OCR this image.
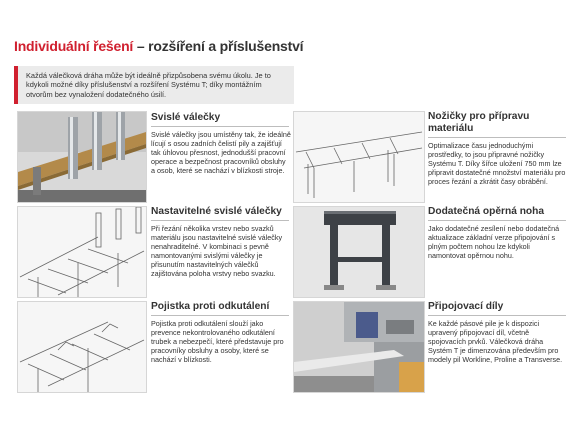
Individuální řešení – rozšíření a příslušenství
Každá válečková dráha může být ideálně přizpůsobena svému úkolu. Je to kdykoli možné díky příslušenství a rozšíření Systému T; díky montážním otvorům bez vynaložení dodatečného úsilí.
Svislé válečky
Svislé válečky jsou umístěny tak, že ideálně lícují s osou zadních čelistí pily a zajišťují tak úhlovou přesnost, jednodušší pracovní operace a bezpečnost pracovníků obsluhy a osob, které se nachází v blízkosti stroje.
Nastavitelné svislé válečky
Při řezání několika vrstev nebo svazků materiálu jsou nastavitelné svislé válečky nenahraditelné. V kombinaci s pevně namontovanými svislými válečky je přisunutím nastavitelných válečků zajištována poloha vrstvy nebo svazku.
Pojistka proti odkutálení
Pojistka proti odkutálení slouží jako prevence nekontrolovaného odkutálení trubek a nebezpečí, které představuje pro pracovníky obsluhy a osoby, které se nachází v blízkosti.
Nožičky pro přípravu materiálu
Optimalizace času jednoduchými prostředky, to jsou připravné nožičky Systému T. Díky šířce uložení 750 mm lze připravit dostatečné množství materiálu pro proces řezání a zkrátit časy obrábění.
Dodatečná opěrná noha
Jako dodatečné zesílení nebo dodatečná aktualizace základní verze připojování s plným počtem nohou lze kdykoli namontovat opěrnou nohu.
Připojovací díly
Ke každé pásové pile je k dispozici upravený připojovací díl, včetně spojovacích prvků. Válečková dráha Systém T je dimenzována především pro modely pil Workline, Proline a Transverse.
